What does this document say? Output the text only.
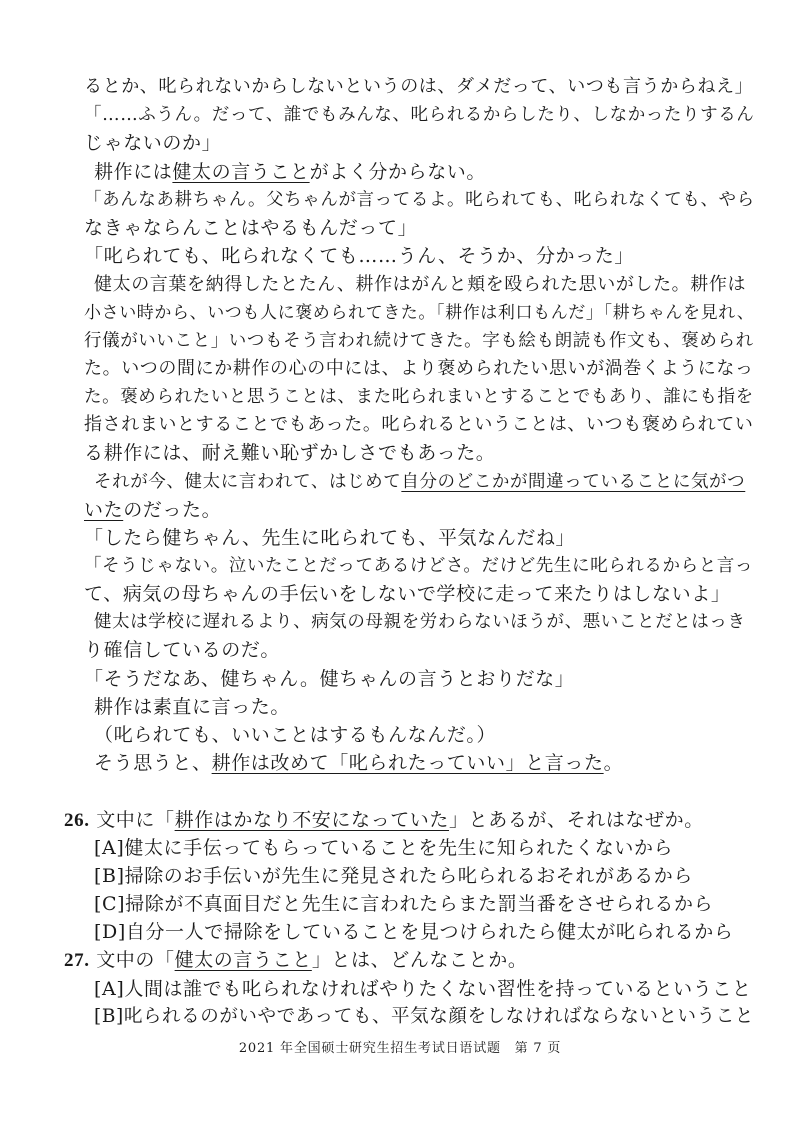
るとか、叱られないからしないというのは、ダメだって、いつも言うからねえ」
「……ふうん。だって、誰でもみんな、叱られるからしたり、しなかったりするん
じゃないのか」
耕作には健太の言うことがよく分からない。
「あんなあ耕ちゃん。父ちゃんが言ってるよ。叱られても、叱られなくても、やら
なきゃならんことはやるもんだって」
「叱られても、叱られなくても……うん、そうか、分かった」
健太の言葉を納得したとたん、耕作はがんと頬を殴られた思いがした。耕作は
小さい時から、いつも人に褒められてきた。「耕作は利口もんだ」「耕ちゃんを見れ、
行儀がいいこと」いつもそう言われ続けてきた。字も絵も朗読も作文も、褒められ
た。いつの間にか耕作の心の中には、より褒められたい思いが渦巻くようになっ
た。褒められたいと思うことは、また叱られまいとすることでもあり、誰にも指を
指されまいとすることでもあった。叱られるということは、いつも褒められてい
る耕作には、耐え難い恥ずかしさでもあった。
それが今、健太に言われて、はじめて自分のどこかが間違っていることに気がつ
いたのだった。
「したら健ちゃん、先生に叱られても、平気なんだね」
「そうじゃない。泣いたことだってあるけどさ。だけど先生に叱られるからと言っ
て、病気の母ちゃんの手伝いをしないで学校に走って来たりはしないよ」
健太は学校に遅れるより、病気の母親を労わらないほうが、悪いことだとはっき
り確信しているのだ。
「そうだなあ、健ちゃん。健ちゃんの言うとおりだな」
耕作は素直に言った。
（叱られても、いいことはするもんなんだ。）
そう思うと、耕作は改めて「叱られたっていい」と言った。
26. 文中に「耕作はかなり不安になっていた」とあるが、それはなぜか。
[A]健太に手伝ってもらっていることを先生に知られたくないから
[B]掃除のお手伝いが先生に発見されたら叱られるおそれがあるから
[C]掃除が不真面目だと先生に言われたらまた罰当番をさせられるから
[D]自分一人で掃除をしていることを見つけられたら健太が叱られるから
27. 文中の「健太の言うこと」とは、どんなことか。
[A]人間は誰でも叱られなければやりたくない習性を持っているということ
[B]叱られるのがいやであっても、平気な顔をしなければならないということ
2021 年全国硕士研究生招生考试日语试题　第 7 页
